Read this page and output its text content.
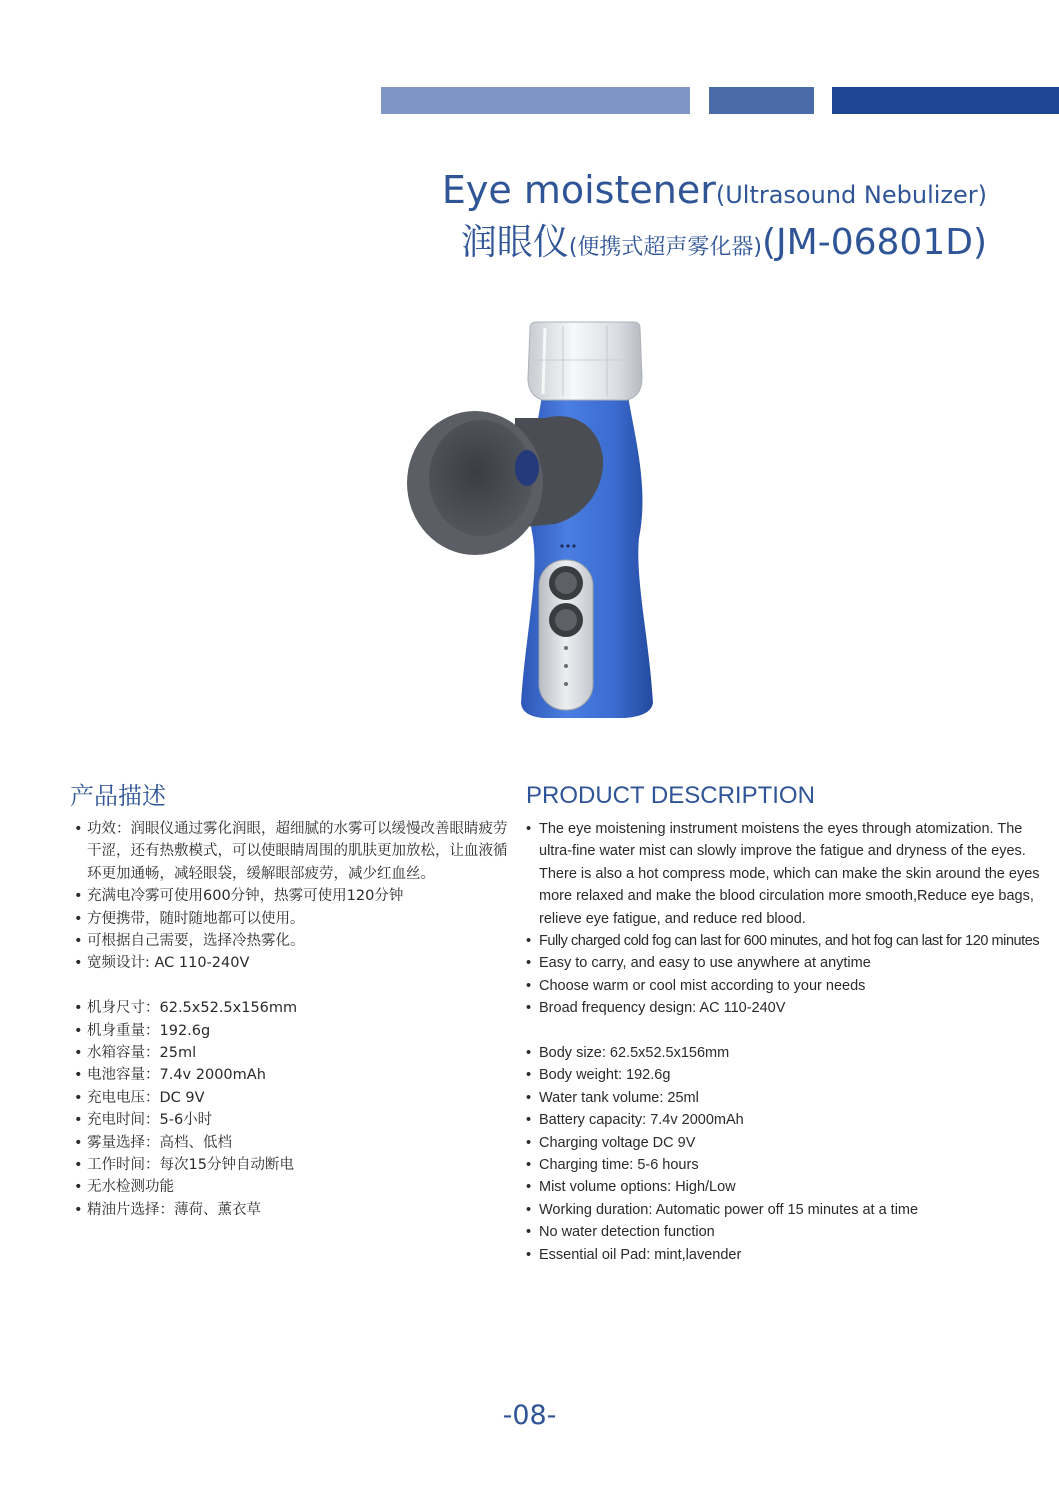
Eye moistener(Ultrasound Nebulizer)
润眼仪(便携式超声雾化器)(JM-06801D)
产品描述	PRODUCT DESCRIPTION
• 功效：润眼仪通过雾化润眼，超细腻的水雾可以缓慢改善眼睛疲劳干涩，还有热敷模式，可以使眼睛周围的肌肤更加放松，让血液循环更加通畅，减轻眼袋，缓解眼部疲劳，减少红血丝。
• 充满电冷雾可使用600分钟，热雾可使用120分钟
• 方便携带，随时随地都可以使用。
• 可根据自己需要，选择冷热雾化。
• 宽频设计: AC 110-240V
• 机身尺寸：62.5x52.5x156mm
• 机身重量：192.6g
• 水箱容量：25ml
• 电池容量：7.4v 2000mAh
• 充电电压：DC 9V
• 充电时间：5-6小时
• 雾量选择：高档、低档
• 工作时间：每次15分钟自动断电
• 无水检测功能
• 精油片选择：薄荷、薰衣草
• The eye moistening instrument moistens the eyes through atomization. The ultra-fine water mist can slowly improve the fatigue and dryness of the eyes. There is also a hot compress mode, which can make the skin around the eyes more relaxed and make the blood circulation more smooth,Reduce eye bags, relieve eye fatigue, and reduce red blood.
• Fully charged cold fog can last for 600 minutes, and hot fog can last for 120 minutes
• Easy to carry, and easy to use anywhere at anytime
• Choose warm or cool mist according to your needs
• Broad frequency design: AC 110-240V
• Body size: 62.5x52.5x156mm
• Body weight: 192.6g
• Water tank volume: 25ml
• Battery capacity: 7.4v 2000mAh
• Charging voltage DC 9V
• Charging time: 5-6 hours
• Mist volume options: High/Low
• Working duration: Automatic power off 15 minutes at a time
• No water detection function
• Essential oil Pad: mint,lavender
-08-
